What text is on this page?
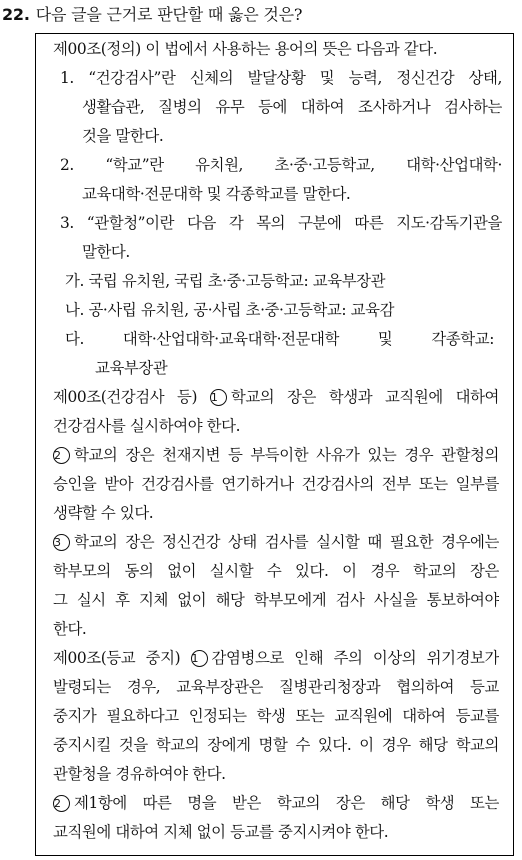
22. 다음 글을 근거로 판단할 때 옳은 것은?
제00조(정의) 이 법에서 사용하는 용어의 뜻은 다음과 같다.
1. “건강검사”란 신체의 발달상황 및 능력, 정신건강 상태,
생활습관, 질병의 유무 등에 대하여 조사하거나 검사하는
것을 말한다.
2. “학교”란 유치원, 초·중·고등학교, 대학·산업대학·
교육대학·전문대학 및 각종학교를 말한다.
3. “관할청”이란 다음 각 목의 구분에 따른 지도·감독기관을
말한다.
가. 국립 유치원, 국립 초·중·고등학교: 교육부장관
나. 공·사립 유치원, 공·사립 초·중·고등학교: 교육감
다. 대학·산업대학·교육대학·전문대학 및 각종학교:
교육부장관
제00조(건강검사 등) 1 학교의 장은 학생과 교직원에 대하여
건강검사를 실시하여야 한다.
2 학교의 장은 천재지변 등 부득이한 사유가 있는 경우 관할청의
승인을 받아 건강검사를 연기하거나 건강검사의 전부 또는 일부를
생략할 수 있다.
3 학교의 장은 정신건강 상태 검사를 실시할 때 필요한 경우에는
학부모의 동의 없이 실시할 수 있다. 이 경우 학교의 장은
그 실시 후 지체 없이 해당 학부모에게 검사 사실을 통보하여야
한다.
제00조(등교 중지) 1 감염병으로 인해 주의 이상의 위기경보가
발령되는 경우, 교육부장관은 질병관리청장과 협의하여 등교
중지가 필요하다고 인정되는 학생 또는 교직원에 대하여 등교를
중지시킬 것을 학교의 장에게 명할 수 있다. 이 경우 해당 학교의
관할청을 경유하여야 한다.
2 제1항에 따른 명을 받은 학교의 장은 해당 학생 또는
교직원에 대하여 지체 없이 등교를 중지시켜야 한다.
